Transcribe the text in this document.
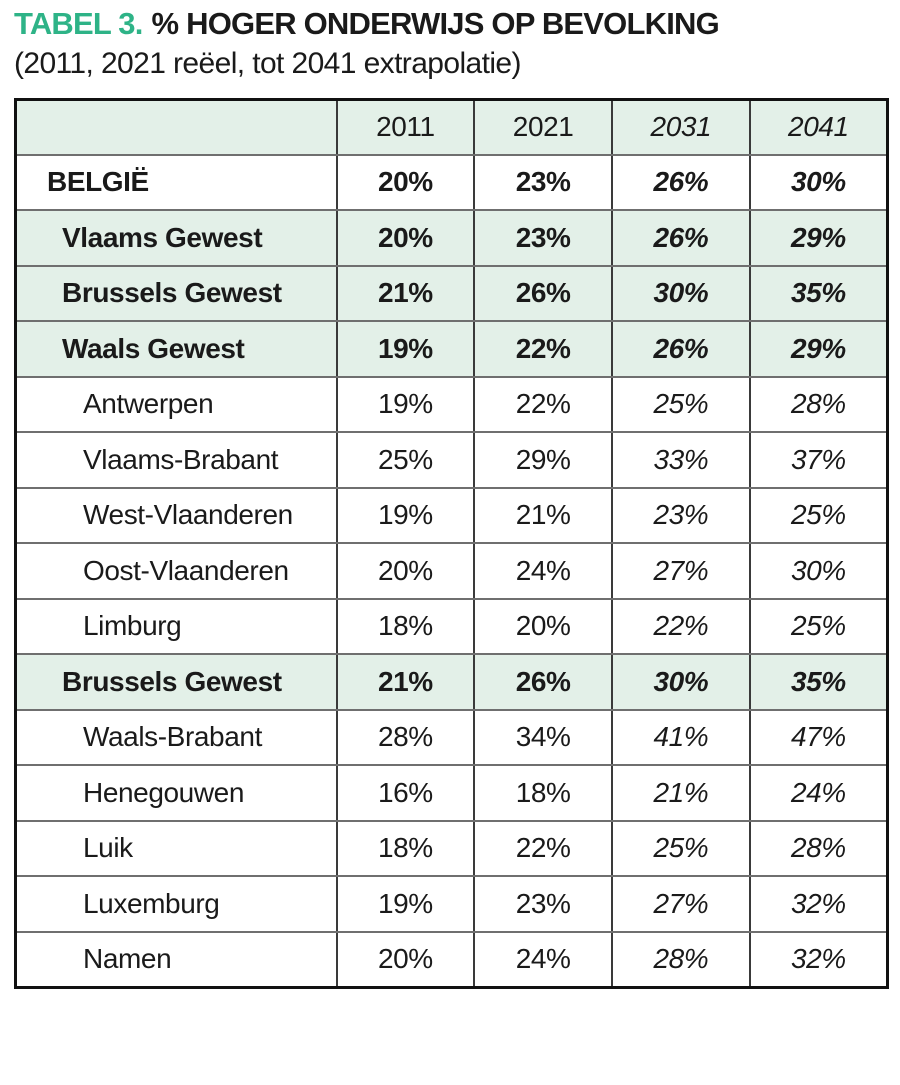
TABEL 3. % HOGER ONDERWIJS OP BEVOLKING
(2011, 2021 reëel, tot 2041 extrapolatie)
	2011	2021	2031	2041
BELGIË	20%	23%	26%	30%
Vlaams Gewest	20%	23%	26%	29%
Brussels Gewest	21%	26%	30%	35%
Waals Gewest	19%	22%	26%	29%
Antwerpen	19%	22%	25%	28%
Vlaams-Brabant	25%	29%	33%	37%
West-Vlaanderen	19%	21%	23%	25%
Oost-Vlaanderen	20%	24%	27%	30%
Limburg	18%	20%	22%	25%
Brussels Gewest	21%	26%	30%	35%
Waals-Brabant	28%	34%	41%	47%
Henegouwen	16%	18%	21%	24%
Luik	18%	22%	25%	28%
Luxemburg	19%	23%	27%	32%
Namen	20%	24%	28%	32%
